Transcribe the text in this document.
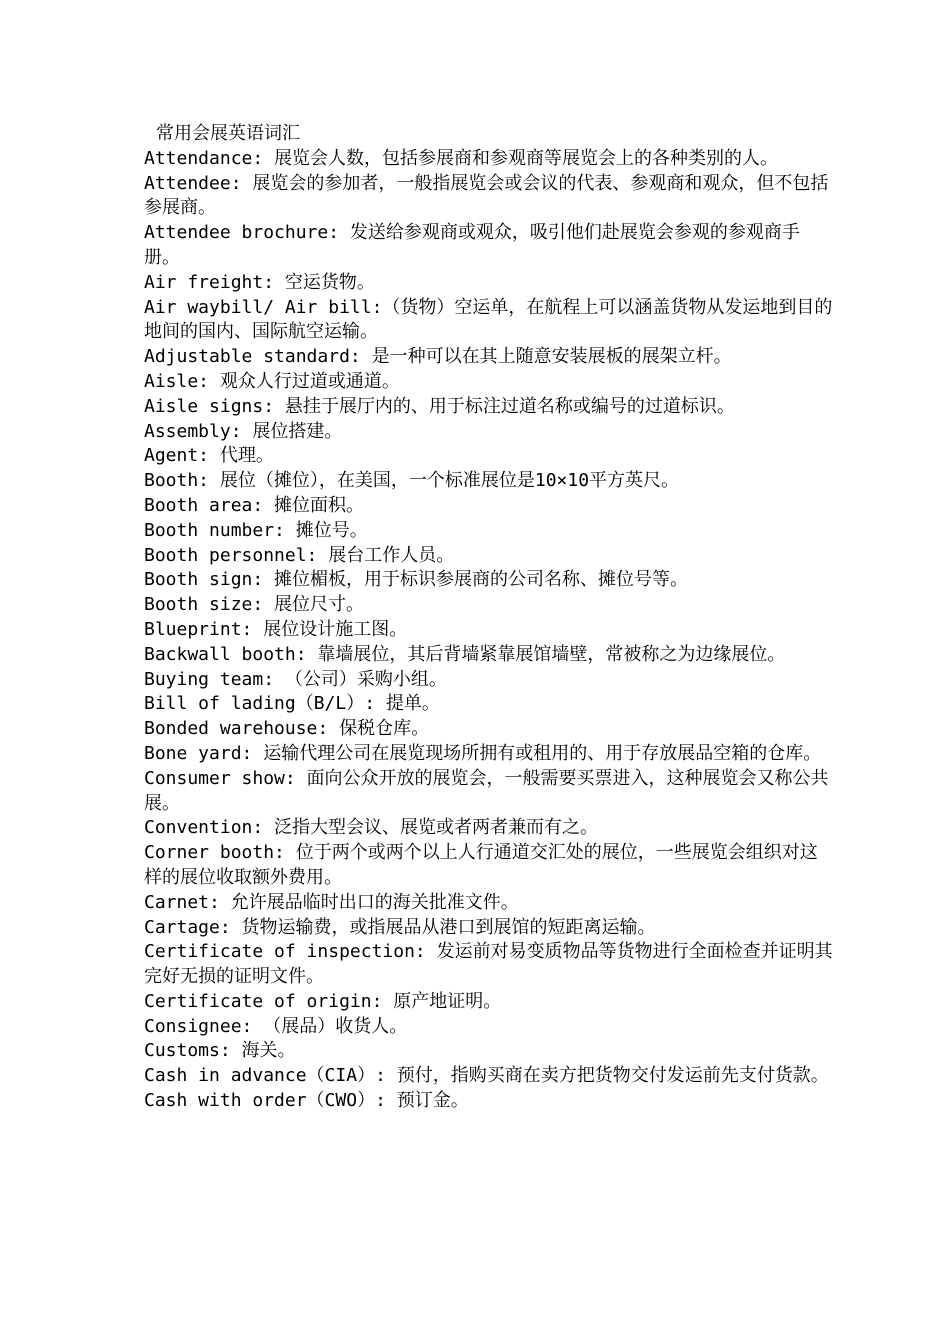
常用会展英语词汇
Attendance: 展览会人数，包括参展商和参观商等展览会上的各种类别的人。
Attendee: 展览会的参加者，一般指展览会或会议的代表、参观商和观众，但不包括参展商。
Attendee brochure: 发送给参观商或观众，吸引他们赴展览会参观的参观商手册。
Air freight: 空运货物。
Air waybill/ Air bill:（货物）空运单，在航程上可以涵盖货物从发运地到目的地间的国内、国际航空运输。
Adjustable standard: 是一种可以在其上随意安装展板的展架立杆。
Aisle: 观众人行过道或通道。
Aisle signs: 悬挂于展厅内的、用于标注过道名称或编号的过道标识。
Assembly: 展位搭建。
Agent: 代理。
Booth: 展位（摊位），在美国，一个标准展位是10×10平方英尺。
Booth area: 摊位面积。
Booth number: 摊位号。
Booth personnel: 展台工作人员。
Booth sign: 摊位楣板，用于标识参展商的公司名称、摊位号等。
Booth size: 展位尺寸。
Blueprint: 展位设计施工图。
Backwall booth: 靠墙展位，其后背墙紧靠展馆墙壁，常被称之为边缘展位。
Buying team: （公司）采购小组。
Bill of lading（B/L）: 提单。
Bonded warehouse: 保税仓库。
Bone yard: 运输代理公司在展览现场所拥有或租用的、用于存放展品空箱的仓库。
Consumer show: 面向公众开放的展览会，一般需要买票进入，这种展览会又称公共展。
Convention: 泛指大型会议、展览或者两者兼而有之。
Corner booth: 位于两个或两个以上人行通道交汇处的展位，一些展览会组织对这样的展位收取额外费用。
Carnet: 允许展品临时出口的海关批准文件。
Cartage: 货物运输费，或指展品从港口到展馆的短距离运输。
Certificate of inspection: 发运前对易变质物品等货物进行全面检查并证明其完好无损的证明文件。
Certificate of origin: 原产地证明。
Consignee: （展品）收货人。
Customs: 海关。
Cash in advance（CIA）: 预付，指购买商在卖方把货物交付发运前先支付货款。
Cash with order（CWO）: 预订金。
